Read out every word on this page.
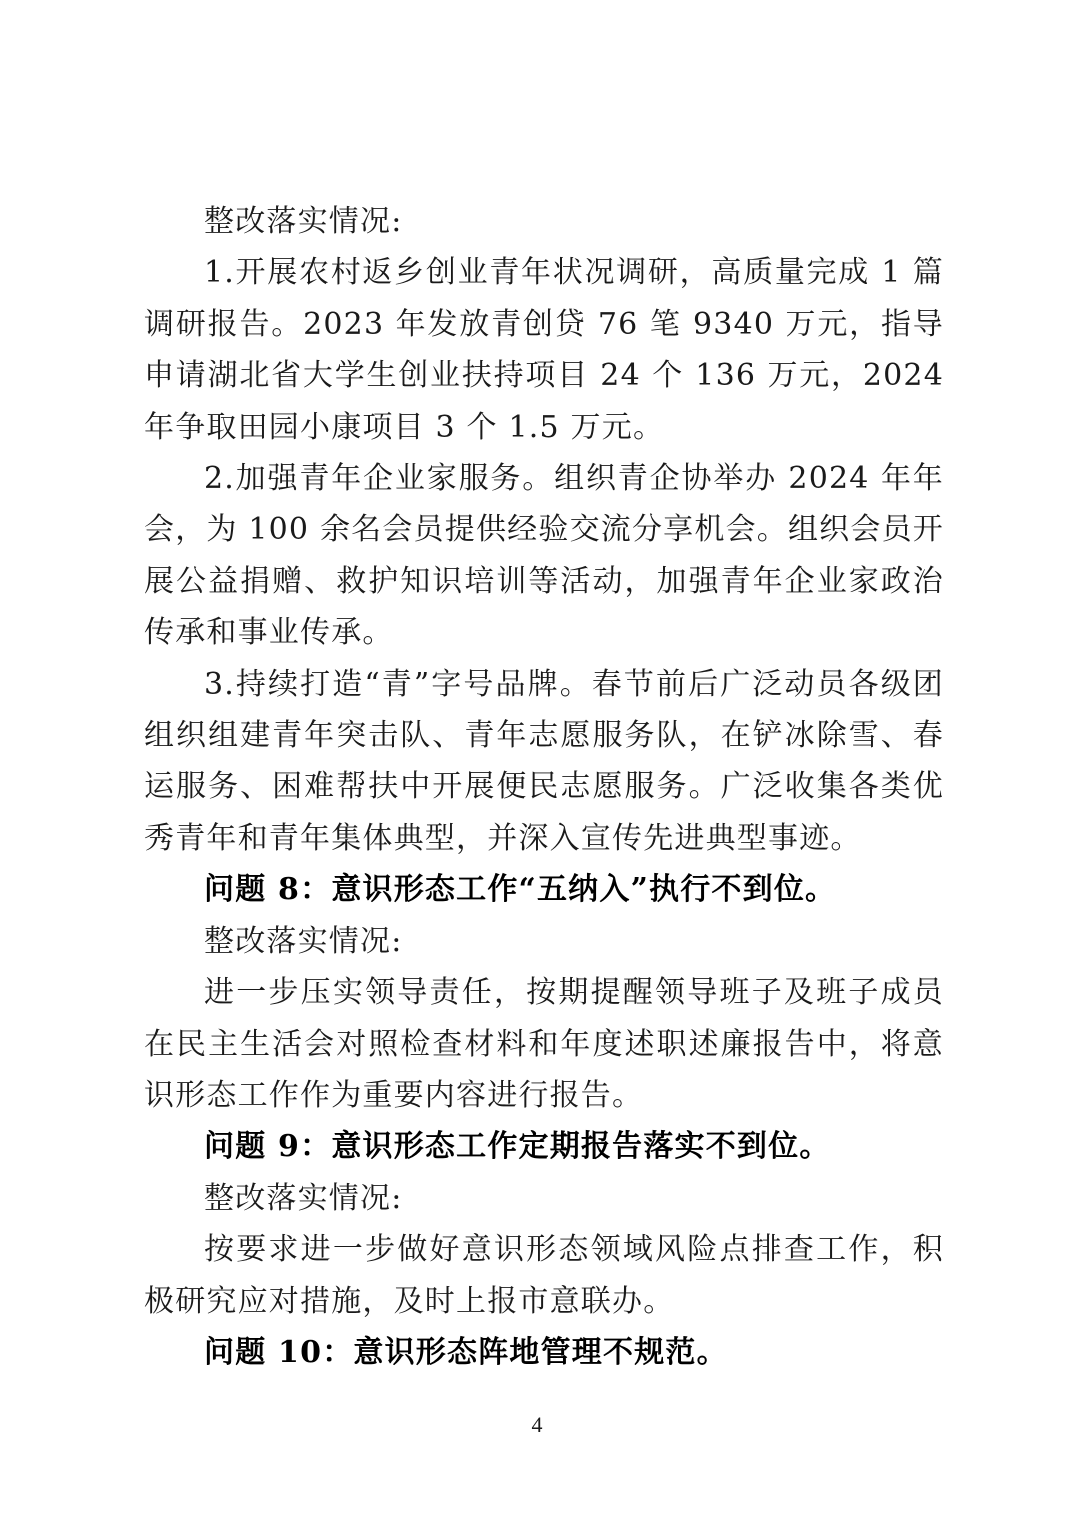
整改落实情况:

1.开展农村返乡创业青年状况调研，高质量完成 1 篇调研报告。2023 年发放青创贷 76 笔 9340 万元，指导申请湖北省大学生创业扶持项目 24 个 136 万元，2024 年争取田园小康项目 3 个 1.5 万元。

2.加强青年企业家服务。组织青企协举办 2024 年年会，为 100 余名会员提供经验交流分享机会。组织会员开展公益捐赠、救护知识培训等活动，加强青年企业家政治传承和事业传承。

3.持续打造“青”字号品牌。春节前后广泛动员各级团组织组建青年突击队、青年志愿服务队，在铲冰除雪、春运服务、困难帮扶中开展便民志愿服务。广泛收集各类优秀青年和青年集体典型，并深入宣传先进典型事迹。

问题 8：意识形态工作“五纳入”执行不到位。

整改落实情况:

进一步压实领导责任，按期提醒领导班子及班子成员在民主生活会对照检查材料和年度述职述廉报告中，将意识形态工作作为重要内容进行报告。

问题 9：意识形态工作定期报告落实不到位。

整改落实情况:

按要求进一步做好意识形态领域风险点排查工作，积极研究应对措施，及时上报市意联办。

问题 10：意识形态阵地管理不规范。

4
